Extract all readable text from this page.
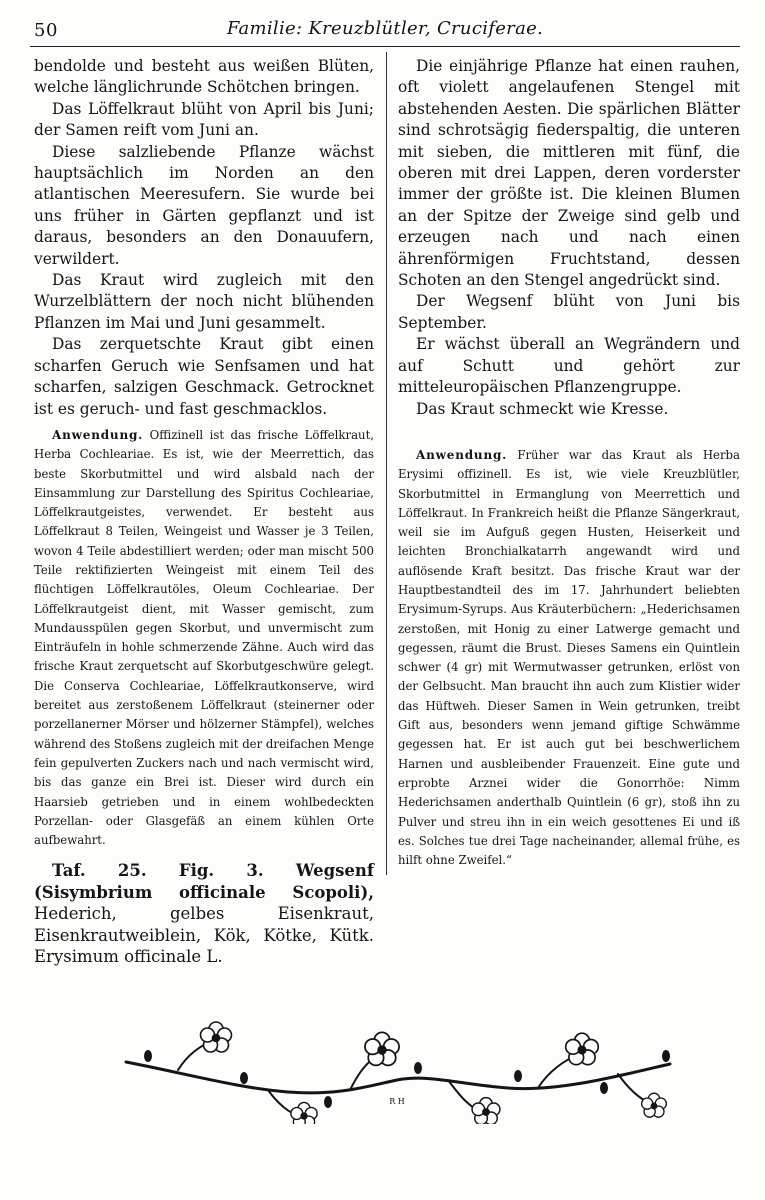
50	Familie: Kreuzblütler, Cruciferae.

bendolde und besteht aus weißen Blüten, welche länglichrunde Schötchen bringen.

Das Löffelkraut blüht von April bis Juni; der Samen reift vom Juni an.

Diese salzliebende Pflanze wächst hauptsächlich im Norden an den atlantischen Meeresufern. Sie wurde bei uns früher in Gärten gepflanzt und ist daraus, besonders an den Donauufern, verwildert.

Das Kraut wird zugleich mit den Wurzelblättern der noch nicht blühenden Pflanzen im Mai und Juni gesammelt.

Das zerquetschte Kraut gibt einen scharfen Geruch wie Senfsamen und hat scharfen, salzigen Geschmack. Getrocknet ist es geruch- und fast geschmacklos.

Anwendung. Offizinell ist das frische Löffelkraut, Herba Cochleariae. Es ist, wie der Meerrettich, das beste Skorbutmittel und wird alsbald nach der Einsammlung zur Darstellung des Spiritus Cochleariae, Löffelkrautgeistes, verwendet. Er besteht aus Löffelkraut 8 Teilen, Weingeist und Wasser je 3 Teilen, wovon 4 Teile abdestilliert werden; oder man mischt 500 Teile rektifizierten Weingeist mit einem Teil des flüchtigen Löffelkrautöles, Oleum Cochleariae. Der Löffelkrautgeist dient, mit Wasser gemischt, zum Mundausspülen gegen Skorbut, und unvermischt zum Einträufeln in hohle schmerzende Zähne. Auch wird das frische Kraut zerquetscht auf Skorbutgeschwüre gelegt. Die Conserva Cochleariae, Löffelkrautkonserve, wird bereitet aus zerstoßenem Löffelkraut (steinerner oder porzellanerner Mörser und hölzerner Stämpfel), welches während des Stoßens zugleich mit der dreifachen Menge fein gepulverten Zuckers nach und nach vermischt wird, bis das ganze ein Brei ist. Dieser wird durch ein Haarsieb getrieben und in einem wohlbedeckten Porzellan- oder Glasgefäß an einem kühlen Orte aufbewahrt.

Taf. 25. Fig. 3. Wegsenf (Sisymbrium officinale Scopoli), Hederich, gelbes Eisenkraut, Eisenkrautweiblein, Kök, Kötke, Kütk. Erysimum officinale L.

Die einjährige Pflanze hat einen rauhen, oft violett angelaufenen Stengel mit abstehenden Aesten. Die spärlichen Blätter sind schrotsägig fiederspaltig, die unteren mit sieben, die mittleren mit fünf, die oberen mit drei Lappen, deren vorderster immer der größte ist. Die kleinen Blumen an der Spitze der Zweige sind gelb und erzeugen nach und nach einen ährenförmigen Fruchtstand, dessen Schoten an den Stengel angedrückt sind.

Der Wegsenf blüht von Juni bis September.

Er wächst überall an Wegrändern und auf Schutt und gehört zur mitteleuropäischen Pflanzengruppe.

Das Kraut schmeckt wie Kresse.

Anwendung. Früher war das Kraut als Herba Erysimi offizinell. Es ist, wie viele Kreuzblütler, Skorbutmittel in Ermanglung von Meerrettich und Löffelkraut. In Frankreich heißt die Pflanze Sängerkraut, weil sie im Aufguß gegen Husten, Heiserkeit und leichten Bronchialkatarrh angewandt wird und auflösende Kraft besitzt. Das frische Kraut war der Hauptbestandteil des im 17. Jahrhundert beliebten Erysimum-Syrups. Aus Kräuterbüchern: „Hederichsamen zerstoßen, mit Honig zu einer Latwerge gemacht und gegessen, räumt die Brust. Dieses Samens ein Quintlein schwer (4 gr) mit Wermutwasser getrunken, erlöst von der Gelbsucht. Man braucht ihn auch zum Klistier wider das Hüftweh. Dieser Samen in Wein getrunken, treibt Gift aus, besonders wenn jemand giftige Schwämme gegessen hat. Er ist auch gut bei beschwerlichem Harnen und ausbleibender Frauenzeit. Eine gute und erprobte Arznei wider die Gonorrhöe: Nimm Hederichsamen anderthalb Quintlein (6 gr), stoß ihn zu Pulver und streu ihn in ein weich gesottenes Ei und iß es. Solches tue drei Tage nacheinander, allemal frühe, es hilft ohne Zweifel.“

R H
